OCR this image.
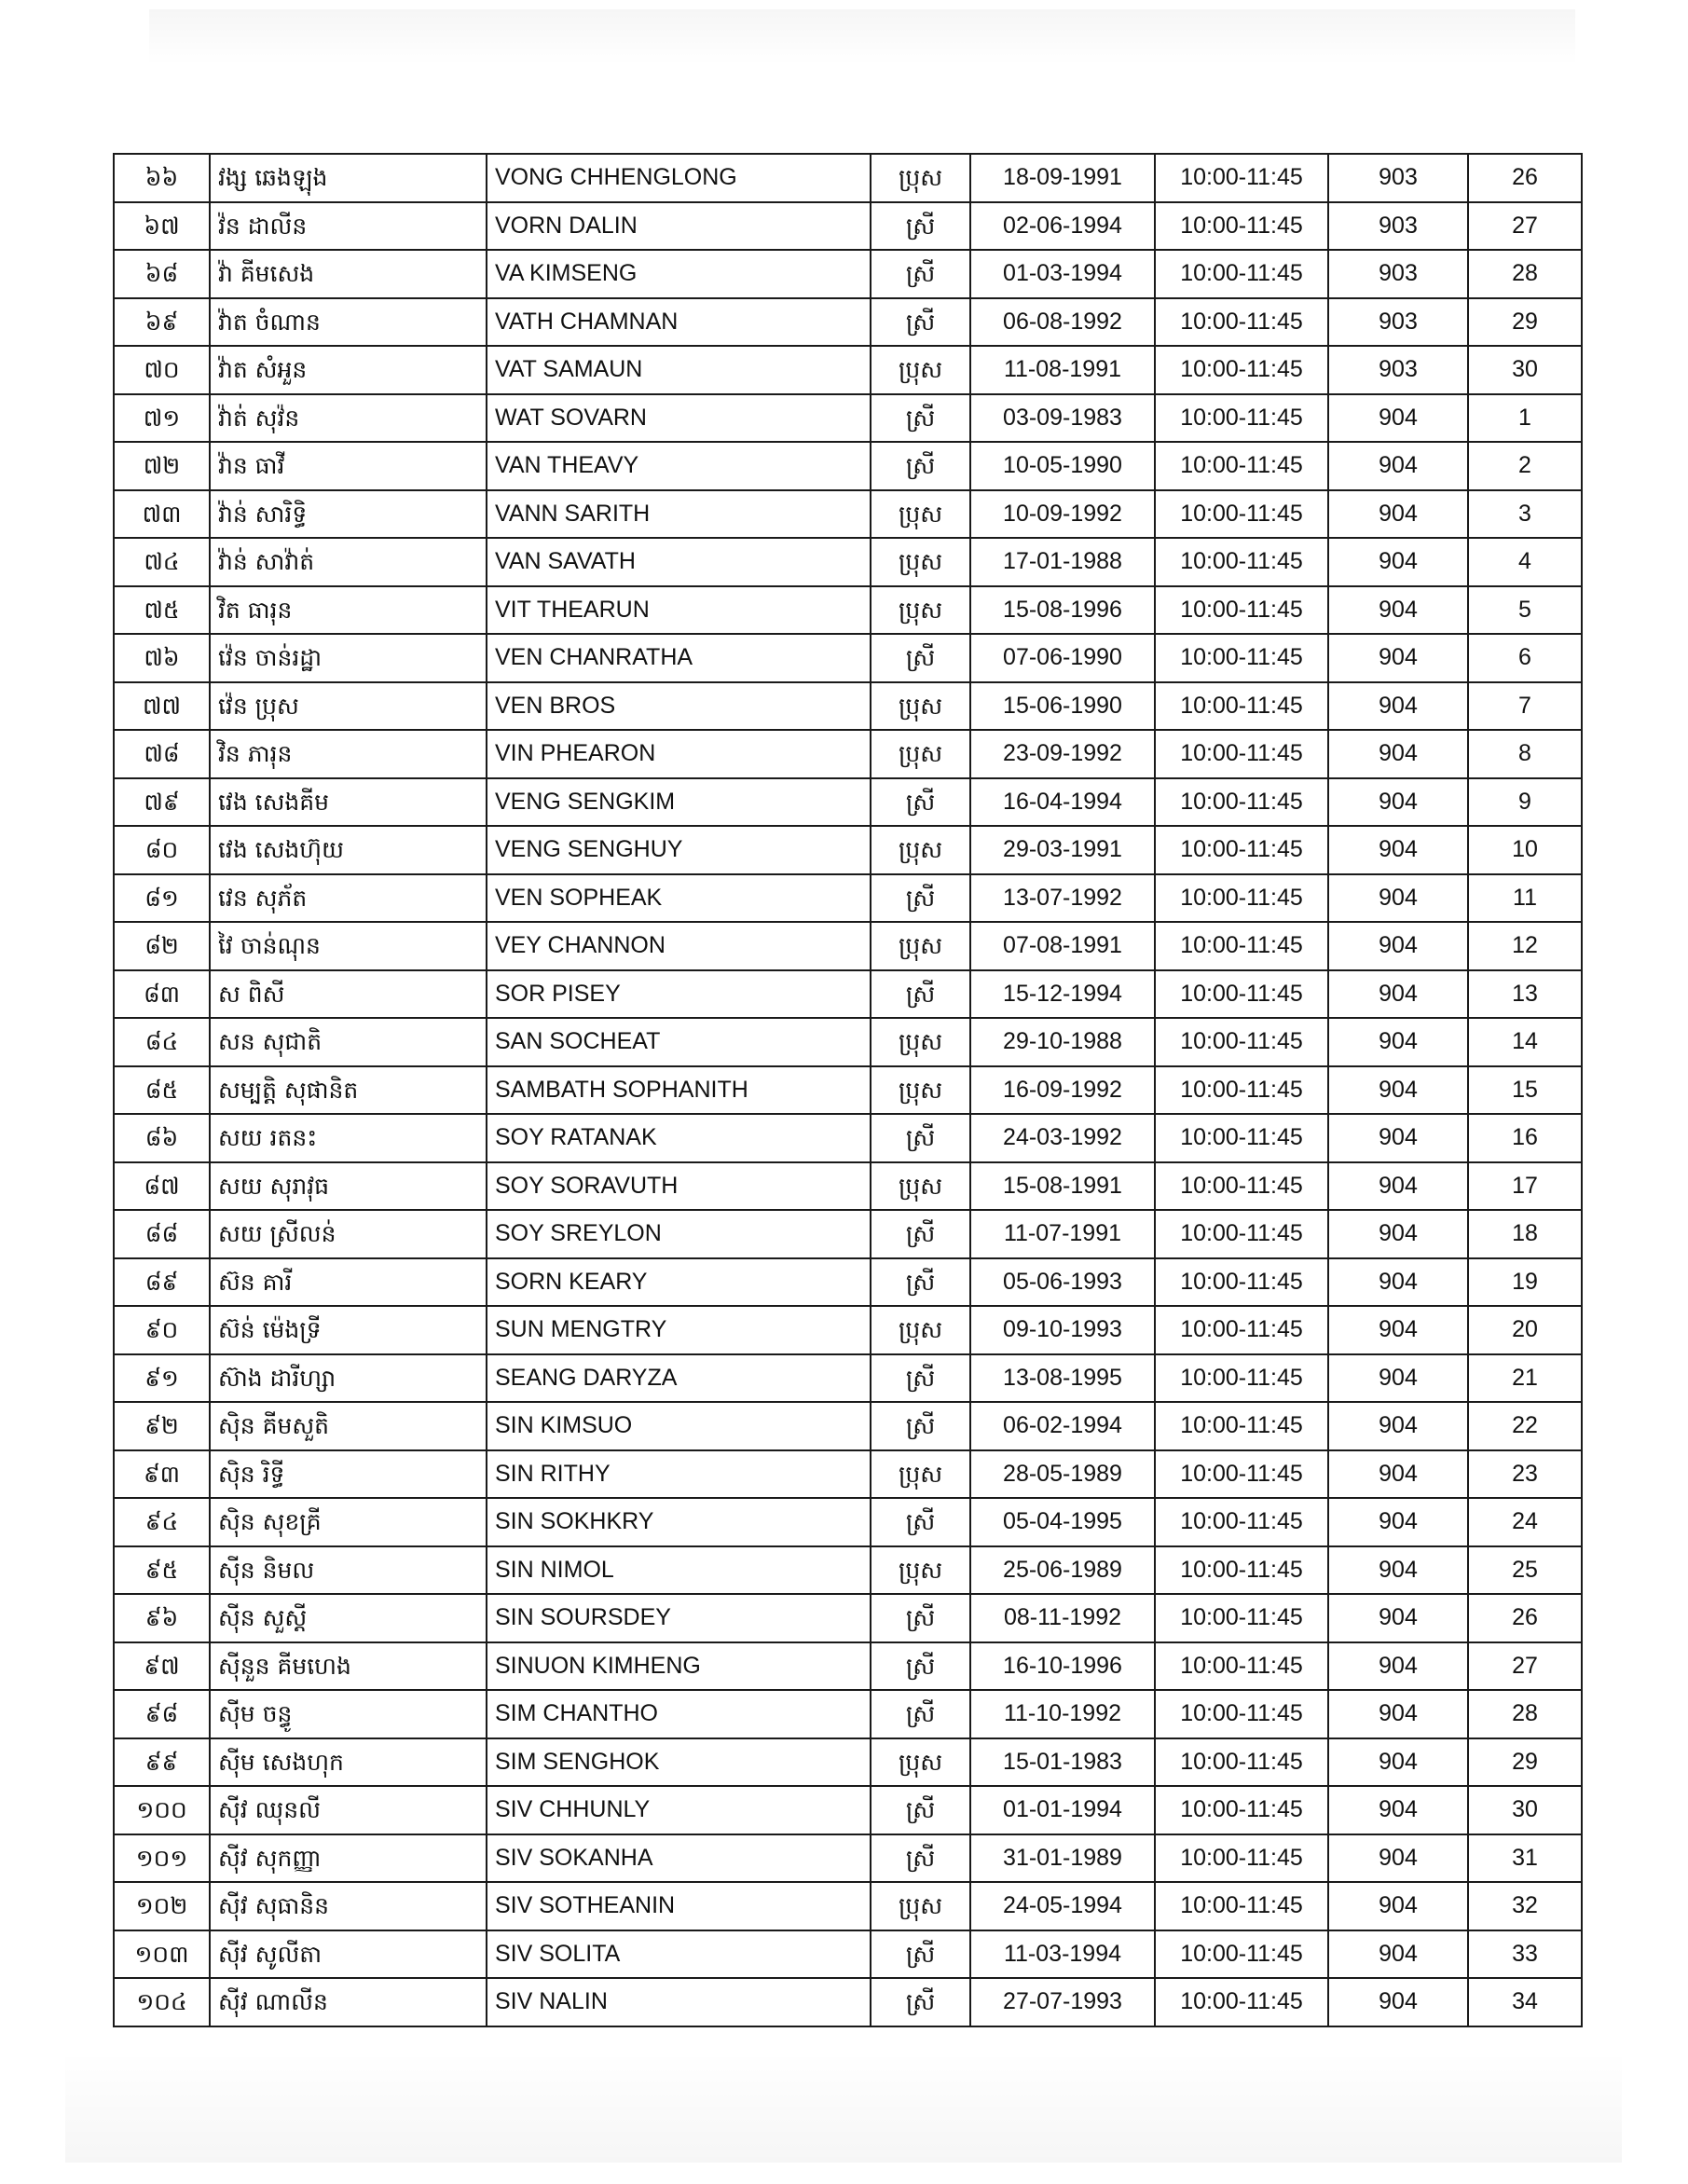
៦៦	វង្ស ឆេងឡុង	VONG CHHENGLONG	ប្រុស	18-09-1991	10:00-11:45	903	26
៦៧	វ៉ន ដាលីន	VORN DALIN	ស្រី	02-06-1994	10:00-11:45	903	27
៦៨	វ៉ា គីមសេង	VA KIMSENG	ស្រី	01-03-1994	10:00-11:45	903	28
៦៩	វ៉ាត ចំណាន	VATH CHAMNAN	ស្រី	06-08-1992	10:00-11:45	903	29
៧០	វ៉ាត សំអួន	VAT SAMAUN	ប្រុស	11-08-1991	10:00-11:45	903	30
៧១	វ៉ាត់ សុវ៉ន	WAT SOVARN	ស្រី	03-09-1983	10:00-11:45	904	1
៧២	វ៉ាន ធាវី	VAN THEAVY	ស្រី	10-05-1990	10:00-11:45	904	2
៧៣	វ៉ាន់ សារិទ្ធិ	VANN SARITH	ប្រុស	10-09-1992	10:00-11:45	904	3
៧៤	វ៉ាន់ សាវ៉ាត់	VAN SAVATH	ប្រុស	17-01-1988	10:00-11:45	904	4
៧៥	វិត ធារុន	VIT THEARUN	ប្រុស	15-08-1996	10:00-11:45	904	5
៧៦	វ៉េន ចាន់រដ្ឋា	VEN CHANRATHA	ស្រី	07-06-1990	10:00-11:45	904	6
៧៧	វ៉េន ប្រុស	VEN BROS	ប្រុស	15-06-1990	10:00-11:45	904	7
៧៨	វិន ភារុន	VIN PHEARON	ប្រុស	23-09-1992	10:00-11:45	904	8
៧៩	វេង សេងគីម	VENG SENGKIM	ស្រី	16-04-1994	10:00-11:45	904	9
៨០	វេង សេងហ៊ុយ	VENG SENGHUY	ប្រុស	29-03-1991	10:00-11:45	904	10
៨១	វេន សុភ័ត	VEN SOPHEAK	ស្រី	13-07-1992	10:00-11:45	904	11
៨២	វៃ ចាន់ណុន	VEY CHANNON	ប្រុស	07-08-1991	10:00-11:45	904	12
៨៣	ស ពិសី	SOR PISEY	ស្រី	15-12-1994	10:00-11:45	904	13
៨៤	សន សុជាតិ	SAN SOCHEAT	ប្រុស	29-10-1988	10:00-11:45	904	14
៨៥	សម្បត្តិ សុផានិត	SAMBATH SOPHANITH	ប្រុស	16-09-1992	10:00-11:45	904	15
៨៦	សយ រតនះ	SOY RATANAK	ស្រី	24-03-1992	10:00-11:45	904	16
៨៧	សយ សុរាវុធ	SOY SORAVUTH	ប្រុស	15-08-1991	10:00-11:45	904	17
៨៨	សយ ស្រីលន់	SOY SREYLON	ស្រី	11-07-1991	10:00-11:45	904	18
៨៩	ស៊ន គារី	SORN KEARY	ស្រី	05-06-1993	10:00-11:45	904	19
៩០	ស៊ន់ ម៉េងទ្រី	SUN MENGTRY	ប្រុស	09-10-1993	10:00-11:45	904	20
៩១	ស៊ាង ដារីហ្សា	SEANG DARYZA	ស្រី	13-08-1995	10:00-11:45	904	21
៩២	ស៊ិន គីមសួតិ	SIN KIMSUO	ស្រី	06-02-1994	10:00-11:45	904	22
៩៣	ស៊ិន រិទ្ធី	SIN RITHY	ប្រុស	28-05-1989	10:00-11:45	904	23
៩៤	ស៊ិន សុខគ្រី	SIN SOKHKRY	ស្រី	05-04-1995	10:00-11:45	904	24
៩៥	ស៊ីន និមល	SIN NIMOL	ប្រុស	25-06-1989	10:00-11:45	904	25
៩៦	ស៊ីន សួស្តី	SIN SOURSDEY	ស្រី	08-11-1992	10:00-11:45	904	26
៩៧	ស៊ីនួន គីមហេង	SINUON KIMHENG	ស្រី	16-10-1996	10:00-11:45	904	27
៩៨	ស៊ីម ចន្ធូ	SIM CHANTHO	ស្រី	11-10-1992	10:00-11:45	904	28
៩៩	ស៊ីម សេងហុក	SIM SENGHOK	ប្រុស	15-01-1983	10:00-11:45	904	29
១០០	ស៊ីវ ឈុនលី	SIV CHHUNLY	ស្រី	01-01-1994	10:00-11:45	904	30
១០១	ស៊ីវ សុកញ្ញា	SIV SOKANHA	ស្រី	31-01-1989	10:00-11:45	904	31
១០២	ស៊ីវ សុធានិន	SIV SOTHEANIN	ប្រុស	24-05-1994	10:00-11:45	904	32
១០៣	ស៊ីវ សូលីតា	SIV SOLITA	ស្រី	11-03-1994	10:00-11:45	904	33
១០៤	ស៊ីវ ណាលីន	SIV NALIN	ស្រី	27-07-1993	10:00-11:45	904	34
